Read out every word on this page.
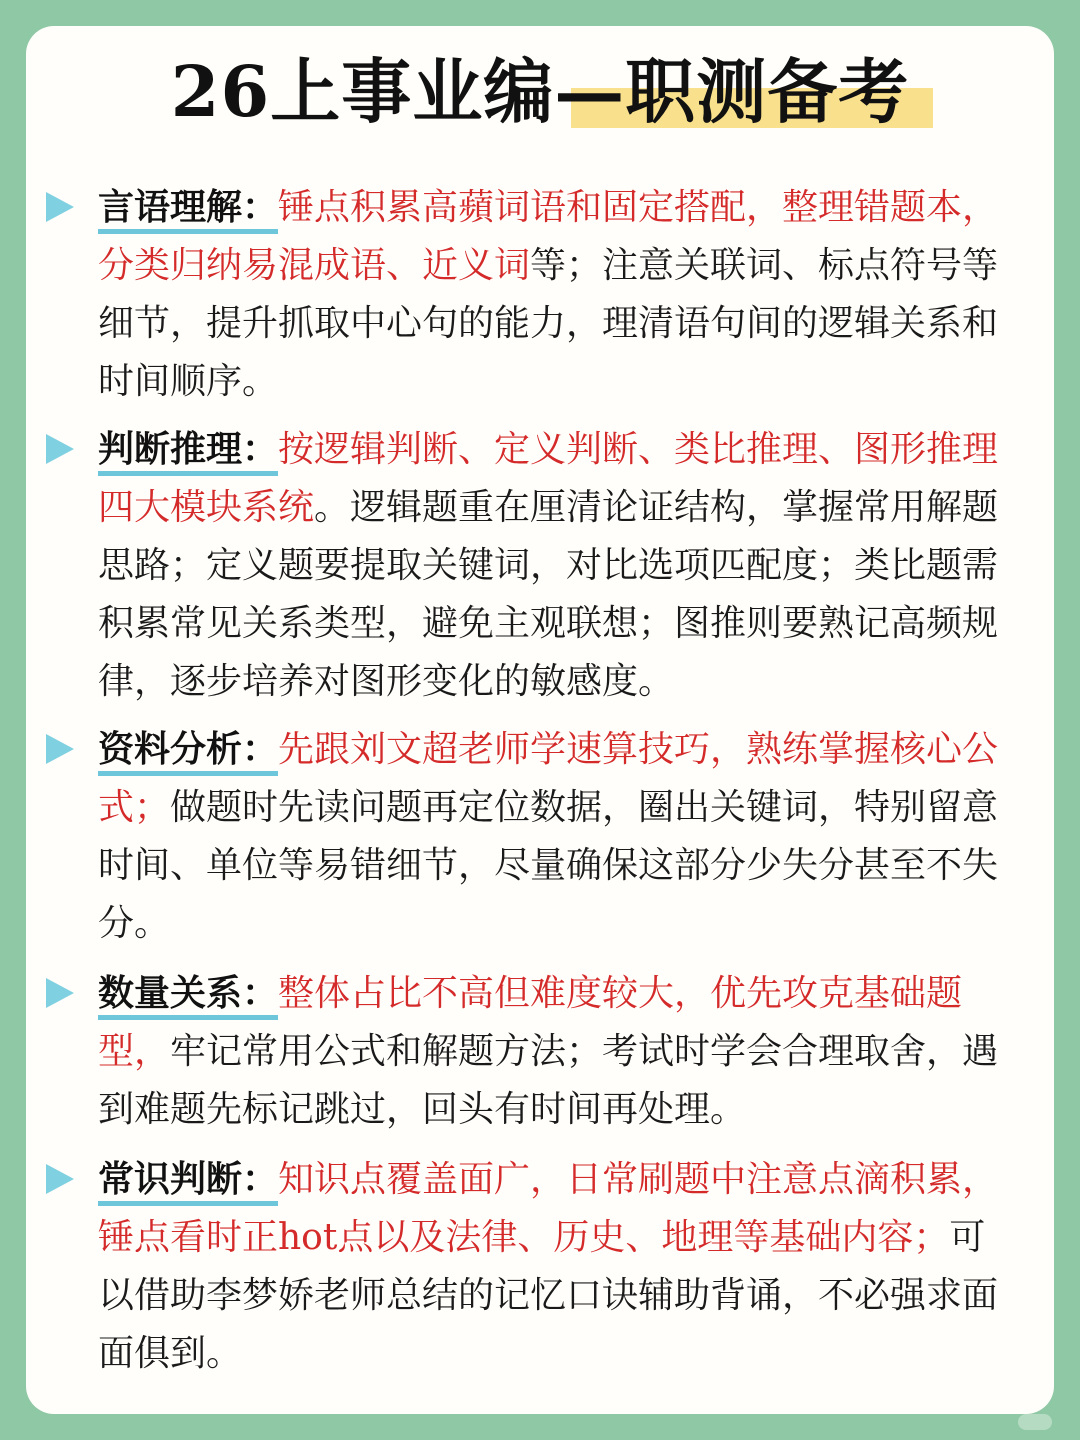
26上事业编—职测备考
言语理解：锤点积累高蘋词语和固定搭配，整理错题本，分类归纳易混成语、近义词等；注意关联词、标点符号等细节，提升抓取中心句的能力，理清语句间的逻辑关系和时间顺序。
判断推理：按逻辑判断、定义判断、类比推理、图形推理四大模块系统。逻辑题重在厘清论证结构，掌握常用解题思路；定义题要提取关键词，对比选项匹配度；类比题需积累常见关系类型，避免主观联想；图推则要熟记高频规律，逐步培养对图形变化的敏感度。
资料分析：先跟刘文超老师学速算技巧，熟练掌握核心公式；做题时先读问题再定位数据，圈出关键词，特别留意时间、单位等易错细节，尽量确保这部分少失分甚至不失分。
数量关系：整体占比不高但难度较大，优先攻克基础题型，牢记常用公式和解题方法；考试时学会合理取舍，遇到难题先标记跳过，回头有时间再处理。
常识判断：知识点覆盖面广，日常刷题中注意点滴积累，锤点看时正hot点以及法律、历史、地理等基础内容；可以借助李梦娇老师总结的记忆口诀辅助背诵，不必强求面面俱到。
